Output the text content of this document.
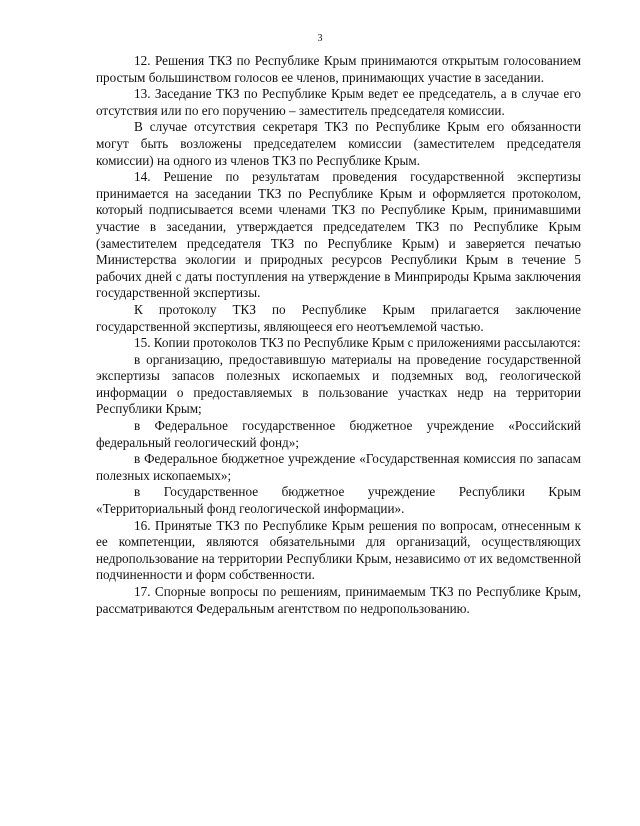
3

12. Решения ТКЗ по Республике Крым принимаются открытым голосованием простым большинством голосов ее членов, принимающих участие в заседании.

13. Заседание ТКЗ по Республике Крым ведет ее председатель, а в случае его отсутствия или по его поручению – заместитель председателя комиссии.

В случае отсутствия секретаря ТКЗ по Республике Крым его обязанности могут быть возложены председателем комиссии (заместителем председателя комиссии) на одного из членов ТКЗ по Республике Крым.

14. Решение по результатам проведения государственной экспертизы принимается на заседании ТКЗ по Республике Крым и оформляется протоколом, который подписывается всеми членами ТКЗ по Республике Крым, принимавшими участие в заседании, утверждается председателем ТКЗ по Республике Крым (заместителем председателя ТКЗ по Республике Крым) и заверяется печатью Министерства экологии и природных ресурсов Республики Крым в течение 5 рабочих дней с даты поступления на утверждение в Минприроды Крыма заключения государственной экспертизы.

К протоколу ТКЗ по Республике Крым прилагается заключение государственной экспертизы, являющееся его неотъемлемой частью.

15. Копии протоколов ТКЗ по Республике Крым с приложениями рассылаются:

в организацию, предоставившую материалы на проведение государственной экспертизы запасов полезных ископаемых и подземных вод, геологической информации о предоставляемых в пользование участках недр на территории Республики Крым;

в Федеральное государственное бюджетное учреждение «Российский федеральный геологический фонд»;

в Федеральное бюджетное учреждение «Государственная комиссия по запасам полезных ископаемых»;

в Государственное бюджетное учреждение Республики Крым «Территориальный фонд геологической информации».

16. Принятые ТКЗ по Республике Крым решения по вопросам, отнесенным к ее компетенции, являются обязательными для организаций, осуществляющих недропользование на территории Республики Крым, независимо от их ведомственной подчиненности и форм собственности.

17. Спорные вопросы по решениям, принимаемым ТКЗ по Республике Крым, рассматриваются Федеральным агентством по недропользованию.
